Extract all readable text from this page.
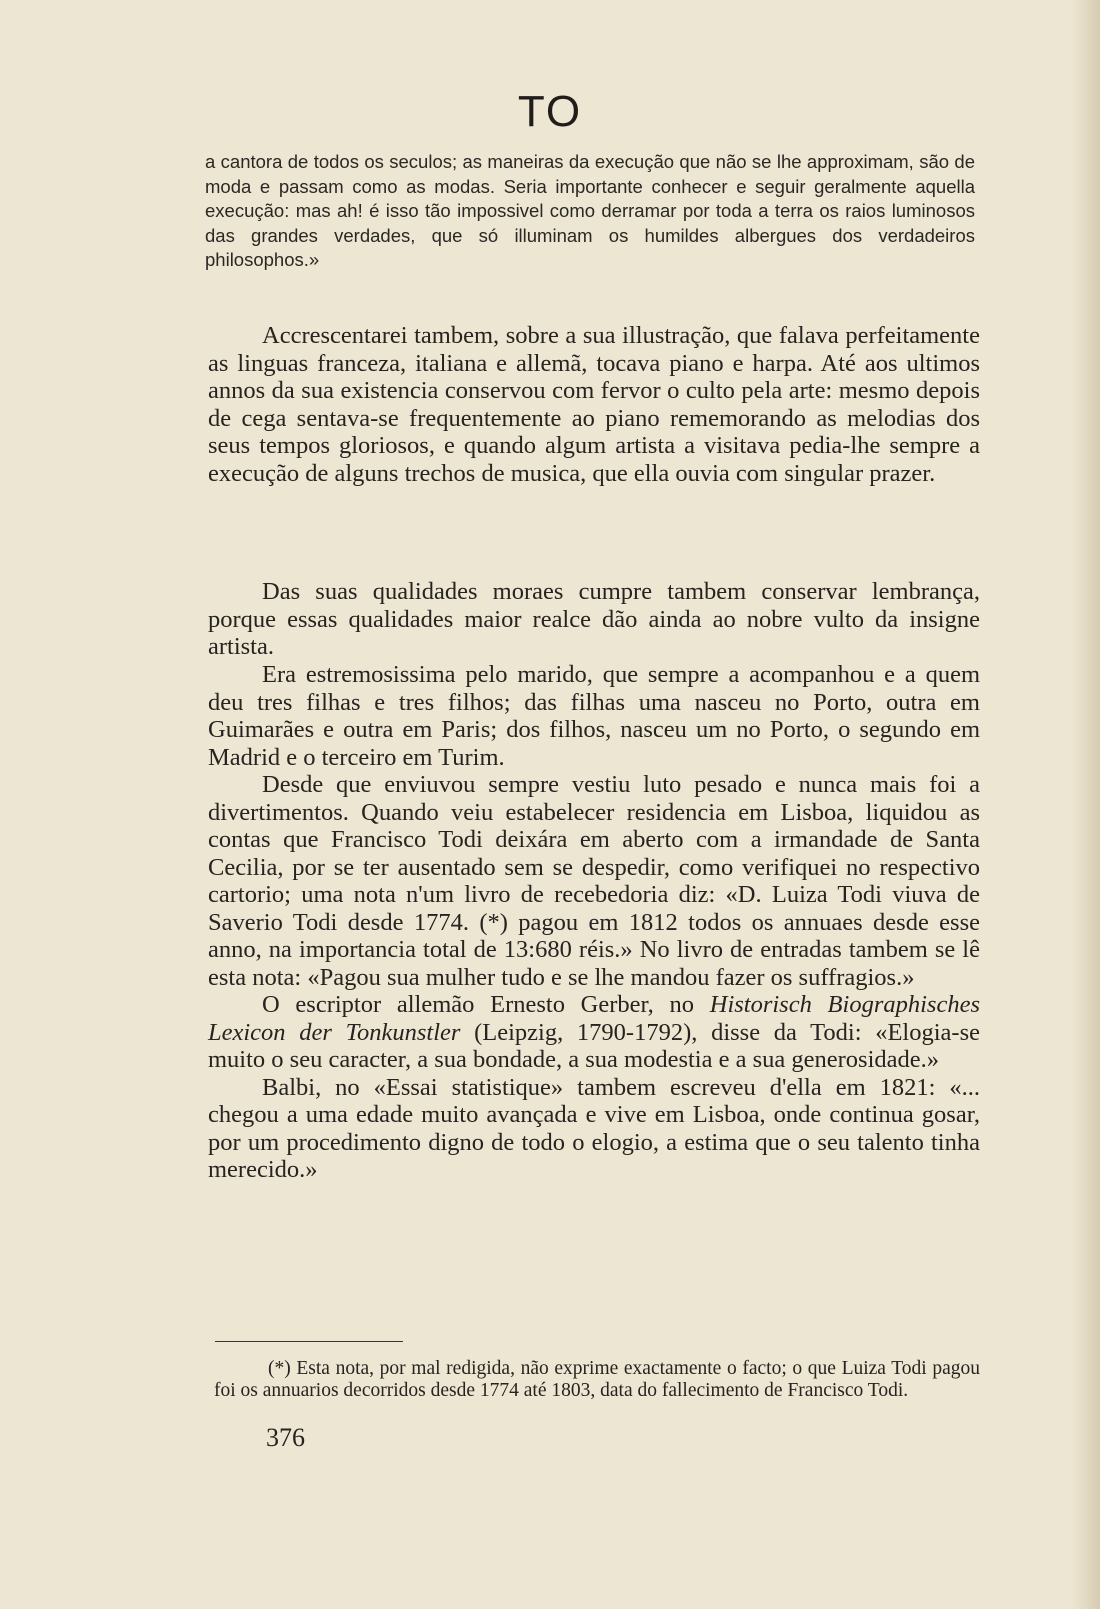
TO
a cantora de todos os seculos; as maneiras da execução que não se lhe approximam, são de moda e passam como as modas. Seria importante conhecer e seguir geralmente aquella execução: mas ah! é isso tão impossivel como derramar por toda a terra os raios luminosos das grandes verdades, que só illuminam os humildes albergues dos verdadeiros philosophos.»

Accrescentarei tambem, sobre a sua illustração, que falava perfeitamente as linguas franceza, italiana e allemã, tocava piano e harpa. Até aos ultimos annos da sua existencia conservou com fervor o culto pela arte: mesmo depois de cega sentava-se frequentemente ao piano rememorando as melodias dos seus tempos gloriosos, e quando algum artista a visitava pedia-lhe sempre a execução de alguns trechos de musica, que ella ouvia com singular prazer.

Das suas qualidades moraes cumpre tambem conservar lembrança, porque essas qualidades maior realce dão ainda ao nobre vulto da insigne artista.

Era estremosissima pelo marido, que sempre a acompanhou e a quem deu tres filhas e tres filhos; das filhas uma nasceu no Porto, outra em Guimarães e outra em Paris; dos filhos, nasceu um no Porto, o segundo em Madrid e o terceiro em Turim.

Desde que enviuvou sempre vestiu luto pesado e nunca mais foi a divertimentos. Quando veiu estabelecer residencia em Lisboa, liquidou as contas que Francisco Todi deixára em aberto com a irmandade de Santa Cecilia, por se ter ausentado sem se despedir, como verifiquei no respectivo cartorio; uma nota n'um livro de recebedoria diz: «D. Luiza Todi viuva de Saverio Todi desde 1774. (*) pagou em 1812 todos os annuaes desde esse anno, na importancia total de 13:680 réis.» No livro de entradas tambem se lê esta nota: «Pagou sua mulher tudo e se lhe mandou fazer os suffragios.»

O escriptor allemão Ernesto Gerber, no Historisch Biographisches Lexicon der Tonkunstler (Leipzig, 1790-1792), disse da Todi: «Elogia-se muito o seu caracter, a sua bondade, a sua modestia e a sua generosidade.»

Balbi, no «Essai statistique» tambem escreveu d'ella em 1821: «... chegou a uma edade muito avançada e vive em Lisboa, onde continua gosar, por um procedimento digno de todo o elogio, a estima que o seu talento tinha merecido.»

(*) Esta nota, por mal redigida, não exprime exactamente o facto; o que Luiza Todi pagou foi os annuarios decorridos desde 1774 até 1803, data do fallecimento de Francisco Todi.

376
